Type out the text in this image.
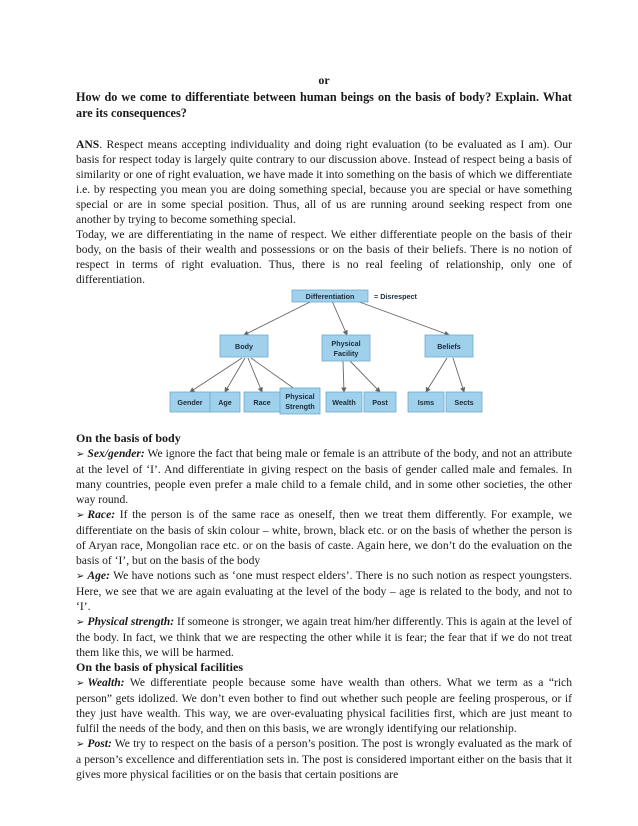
or
How do we come to differentiate between human beings on the basis of body? Explain. What are its consequences?

ANS. Respect means accepting individuality and doing right evaluation (to be evaluated as I am). Our basis for respect today is largely quite contrary to our discussion above. Instead of respect being a basis of similarity or one of right evaluation, we have made it into something on the basis of which we differentiate i.e. by respecting you mean you are doing something special, because you are special or have something special or are in some special position. Thus, all of us are running around seeking respect from one another by trying to become something special.

Today, we are differentiating in the name of respect. We either differentiate people on the basis of their body, on the basis of their wealth and possessions or on the basis of their beliefs. There is no notion of respect in terms of right evaluation. Thus, there is no real feeling of relationship, only one of differentiation.

Differentiation	= Disrespect
Body	Physical
Facility
Beliefs
Gender Age	Race
Physical
Strength Wealth Post	Isms	Sects
On the basis of body

➢ Sex/gender: We ignore the fact that being male or female is an attribute of the body, and not an attribute at the level of ‘I’. And differentiate in giving respect on the basis of gender called male and females. In many countries, people even prefer a male child to a female child, and in some other societies, the other way round.

➢ Race: If the person is of the same race as oneself, then we treat them differently. For example, we differentiate on the basis of skin colour – white, brown, black etc. or on the basis of whether the person is of Aryan race, Mongolian race etc. or on the basis of caste. Again here, we don’t do the evaluation on the basis of ‘I’, but on the basis of the body

➢ Age: We have notions such as ‘one must respect elders’. There is no such notion as respect youngsters. Here, we see that we are again evaluating at the level of the body – age is related to the body, and not to ‘I’.

➢ Physical strength: If someone is stronger, we again treat him/her differently. This is again at the level of the body. In fact, we think that we are respecting the other while it is fear; the fear that if we do not treat them like this, we will be harmed.

On the basis of physical facilities

➢ Wealth: We differentiate people because some have wealth than others. What we term as a “rich person” gets idolized. We don’t even bother to find out whether such people are feeling prosperous, or if they just have wealth. This way, we are over-evaluating physical facilities first, which are just meant to fulfil the needs of the body, and then on this basis, we are wrongly identifying our relationship.

➢ Post: We try to respect on the basis of a person’s position. The post is wrongly evaluated as the mark of a person’s excellence and differentiation sets in. The post is considered important either on the basis that it gives more physical facilities or on the basis that certain positions are
